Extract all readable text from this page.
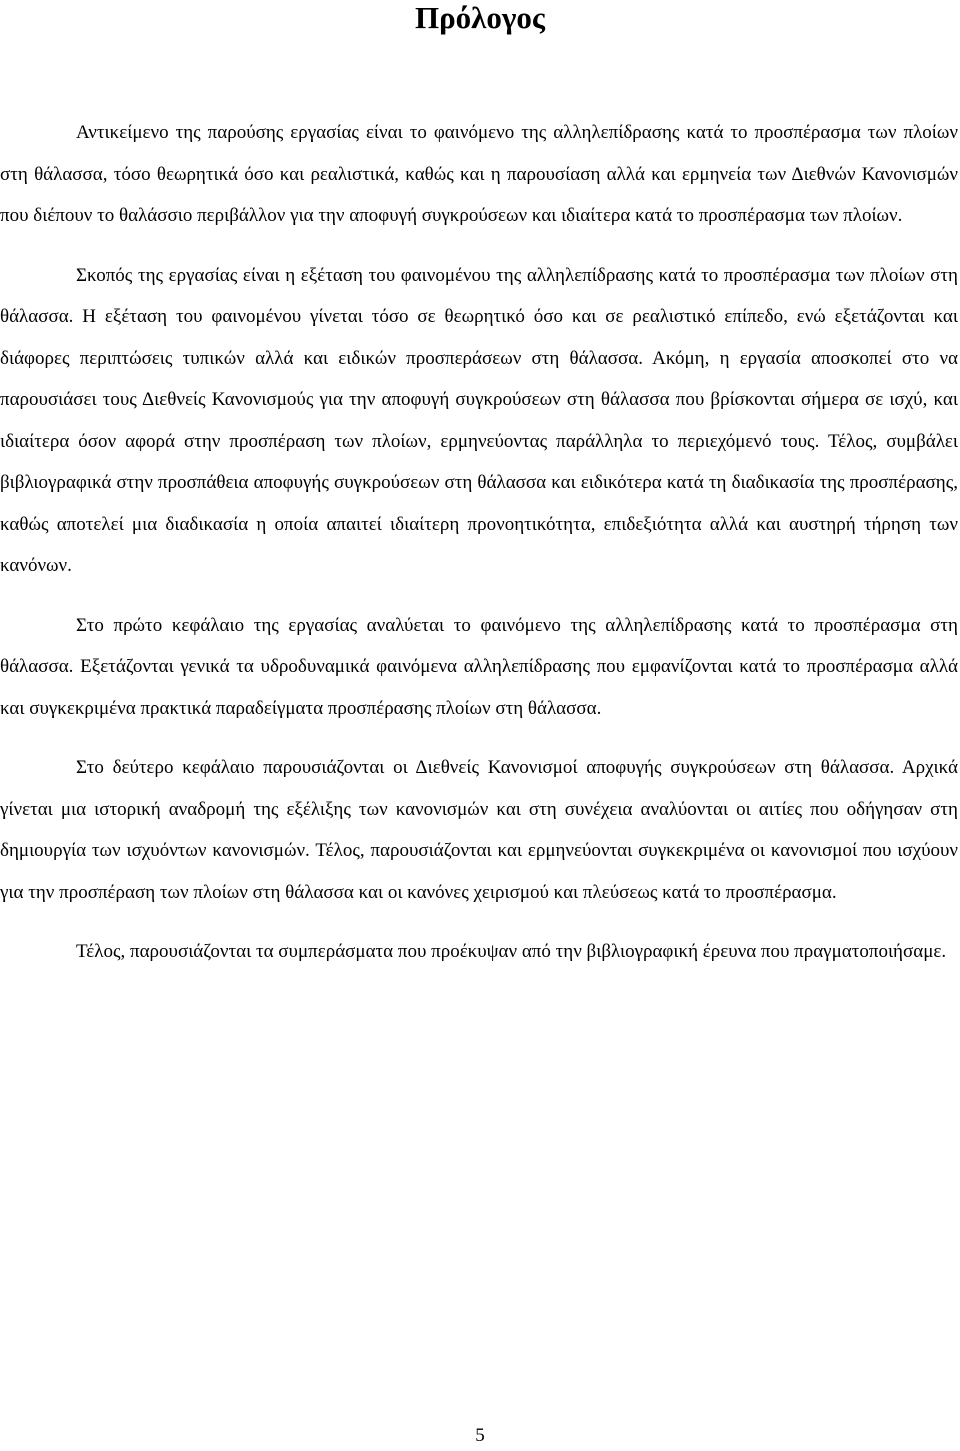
Πρόλογος

Αντικείμενο της παρούσης εργασίας είναι το φαινόμενο της αλληλεπίδρασης κατά το προσπέρασμα των πλοίων στη θάλασσα, τόσο θεωρητικά όσο και ρεαλιστικά, καθώς και η παρουσίαση αλλά και ερμηνεία των Διεθνών Κανονισμών που διέπουν το θαλάσσιο περιβάλλον για την αποφυγή συγκρούσεων και ιδιαίτερα κατά το προσπέρασμα των πλοίων.

Σκοπός της εργασίας είναι η εξέταση του φαινομένου της αλληλεπίδρασης κατά το προσπέρασμα των πλοίων στη θάλασσα. Η εξέταση του φαινομένου γίνεται τόσο σε θεωρητικό όσο και σε ρεαλιστικό επίπεδο, ενώ εξετάζονται και διάφορες περιπτώσεις τυπικών αλλά και ειδικών προσπεράσεων στη θάλασσα. Ακόμη, η εργασία αποσκοπεί στο να παρουσιάσει τους Διεθνείς Κανονισμούς για την αποφυγή συγκρούσεων στη θάλασσα που βρίσκονται σήμερα σε ισχύ, και ιδιαίτερα όσον αφορά στην προσπέραση των πλοίων, ερμηνεύοντας παράλληλα το περιεχόμενό τους. Τέλος, συμβάλει βιβλιογραφικά στην προσπάθεια αποφυγής συγκρούσεων στη θάλασσα και ειδικότερα κατά τη διαδικασία της προσπέρασης, καθώς αποτελεί μια διαδικασία η οποία απαιτεί ιδιαίτερη προνοητικότητα, επιδεξιότητα αλλά και αυστηρή τήρηση των κανόνων.

Στο πρώτο κεφάλαιο της εργασίας αναλύεται το φαινόμενο της αλληλεπίδρασης κατά το προσπέρασμα στη θάλασσα. Εξετάζονται γενικά τα υδροδυναμικά φαινόμενα αλληλεπίδρασης που εμφανίζονται κατά το προσπέρασμα αλλά και συγκεκριμένα πρακτικά παραδείγματα προσπέρασης πλοίων στη θάλασσα.

Στο δεύτερο κεφάλαιο παρουσιάζονται οι Διεθνείς Κανονισμοί αποφυγής συγκρούσεων στη θάλασσα. Αρχικά γίνεται μια ιστορική αναδρομή της εξέλιξης των κανονισμών και στη συνέχεια αναλύονται οι αιτίες που οδήγησαν στη δημιουργία των ισχυόντων κανονισμών. Τέλος, παρουσιάζονται και ερμηνεύονται συγκεκριμένα οι κανονισμοί που ισχύουν για την προσπέραση των πλοίων στη θάλασσα και οι κανόνες χειρισμού και πλεύσεως κατά το προσπέρασμα.

Τέλος, παρουσιάζονται τα συμπεράσματα που προέκυψαν από την βιβλιογραφική έρευνα που πραγματοποιήσαμε.

5
